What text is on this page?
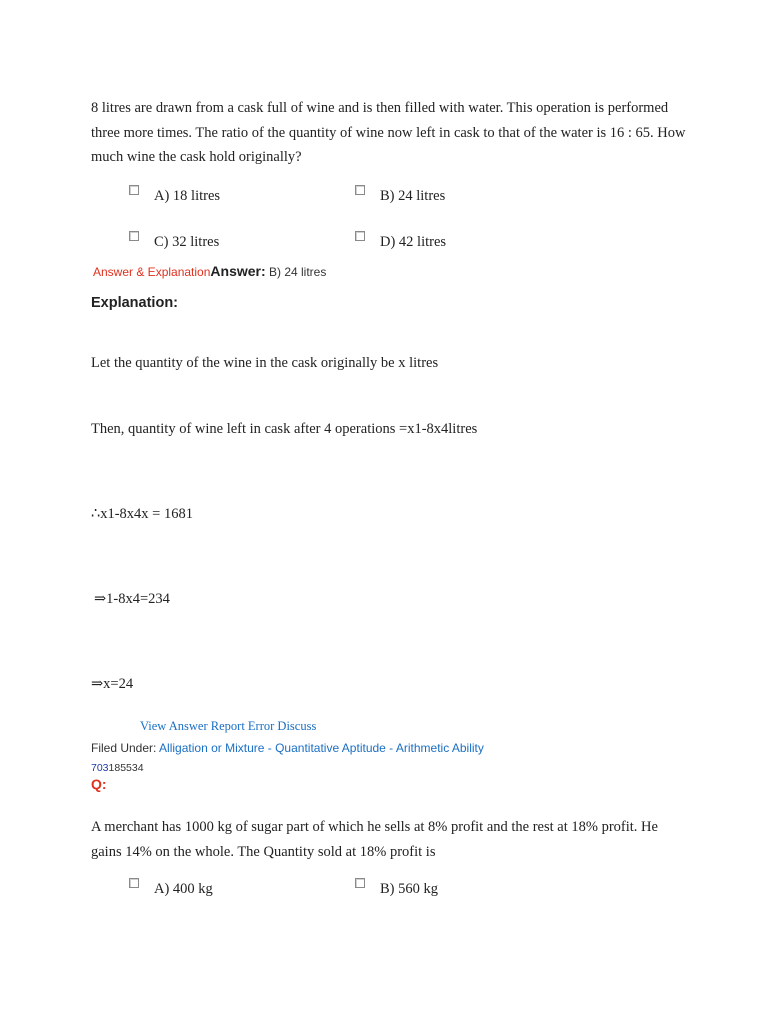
8 litres are drawn from a cask full of wine and is then filled with water. This operation is performed three more times. The ratio of the quantity of wine now left in cask to that of the water is 16 : 65. How much wine the cask hold originally?
A) 18 litres	B) 24 litres
C) 32 litres	D) 42 litres
Answer & ExplanationAnswer: B) 24 litres
Explanation:
Let the quantity of the wine in the cask originally be x litres
Then, quantity of wine left in cask after 4 operations =x1-8x4litres
∴x1-8x4x = 1681
⇒1-8x4=234
⇒x=24
View Answer Report Error Discuss
Filed Under: Alligation or Mixture - Quantitative Aptitude - Arithmetic Ability
703185534
Q:
A merchant has 1000 kg of sugar part of which he sells at 8% profit and the rest at 18% profit. He gains 14% on the whole. The Quantity sold at 18% profit is
A) 400 kg	B) 560 kg
